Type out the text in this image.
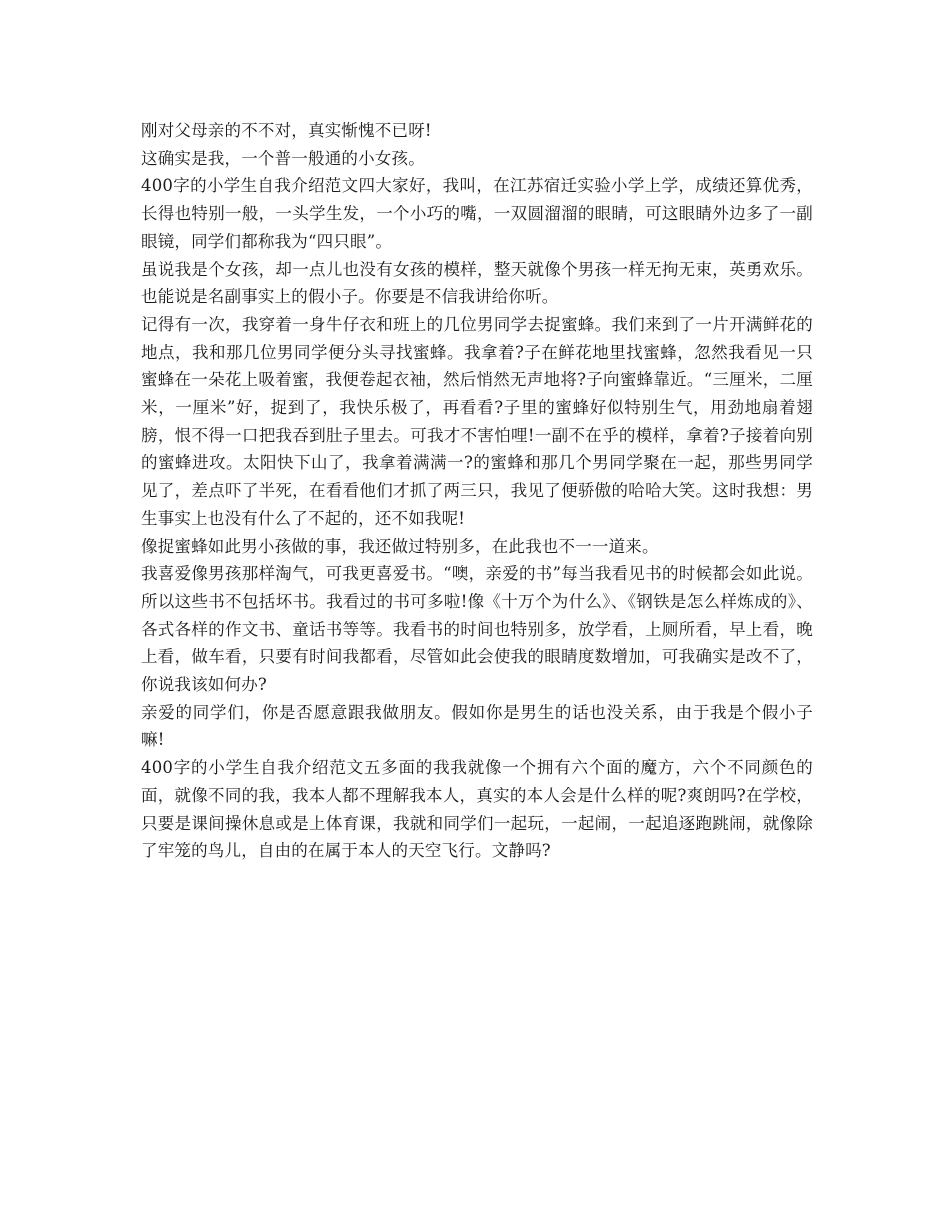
刚对父母亲的不不对，真实惭愧不已呀!

这确实是我，一个普一般通的小女孩。

400字的小学生自我介绍范文四大家好，我叫，在江苏宿迁实验小学上学，成绩还算优秀，长得也特别一般，一头学生发，一个小巧的嘴，一双圆溜溜的眼睛，可这眼睛外边多了一副眼镜，同学们都称我为“四只眼”。

虽说我是个女孩，却一点儿也没有女孩的模样，整天就像个男孩一样无拘无束，英勇欢乐。也能说是名副事实上的假小子。你要是不信我讲给你听。

记得有一次，我穿着一身牛仔衣和班上的几位男同学去捉蜜蜂。我们来到了一片开满鲜花的地点，我和那几位男同学便分头寻找蜜蜂。我拿着?子在鲜花地里找蜜蜂，忽然我看见一只蜜蜂在一朵花上吸着蜜，我便卷起衣袖，然后悄然无声地将?子向蜜蜂靠近。“三厘米，二厘米，一厘米”好，捉到了，我快乐极了，再看看?子里的蜜蜂好似特别生气，用劲地扇着翅膀，恨不得一口把我吞到肚子里去。可我才不害怕哩!一副不在乎的模样，拿着?子接着向别的蜜蜂进攻。太阳快下山了，我拿着满满一?的蜜蜂和那几个男同学聚在一起，那些男同学见了，差点吓了半死，在看看他们才抓了两三只，我见了便骄傲的哈哈大笑。这时我想：男生事实上也没有什么了不起的，还不如我呢!

像捉蜜蜂如此男小孩做的事，我还做过特别多，在此我也不一一道来。

我喜爱像男孩那样淘气，可我更喜爱书。“噢，亲爱的书”每当我看见书的时候都会如此说。所以这些书不包括坏书。我看过的书可多啦!像《十万个为什么》、《钢铁是怎么样炼成的》、各式各样的作文书、童话书等等。我看书的时间也特别多，放学看，上厕所看，早上看，晚上看，做车看，只要有时间我都看，尽管如此会使我的眼睛度数增加，可我确实是改不了，你说我该如何办?

亲爱的同学们，你是否愿意跟我做朋友。假如你是男生的话也没关系，由于我是个假小子嘛!

400字的小学生自我介绍范文五多面的我我就像一个拥有六个面的魔方，六个不同颜色的面，就像不同的我，我本人都不理解我本人，真实的本人会是什么样的呢?爽朗吗?在学校，只要是课间操休息或是上体育课，我就和同学们一起玩，一起闹，一起追逐跑跳闹，就像除了牢笼的鸟儿，自由的在属于本人的天空飞行。文静吗?
